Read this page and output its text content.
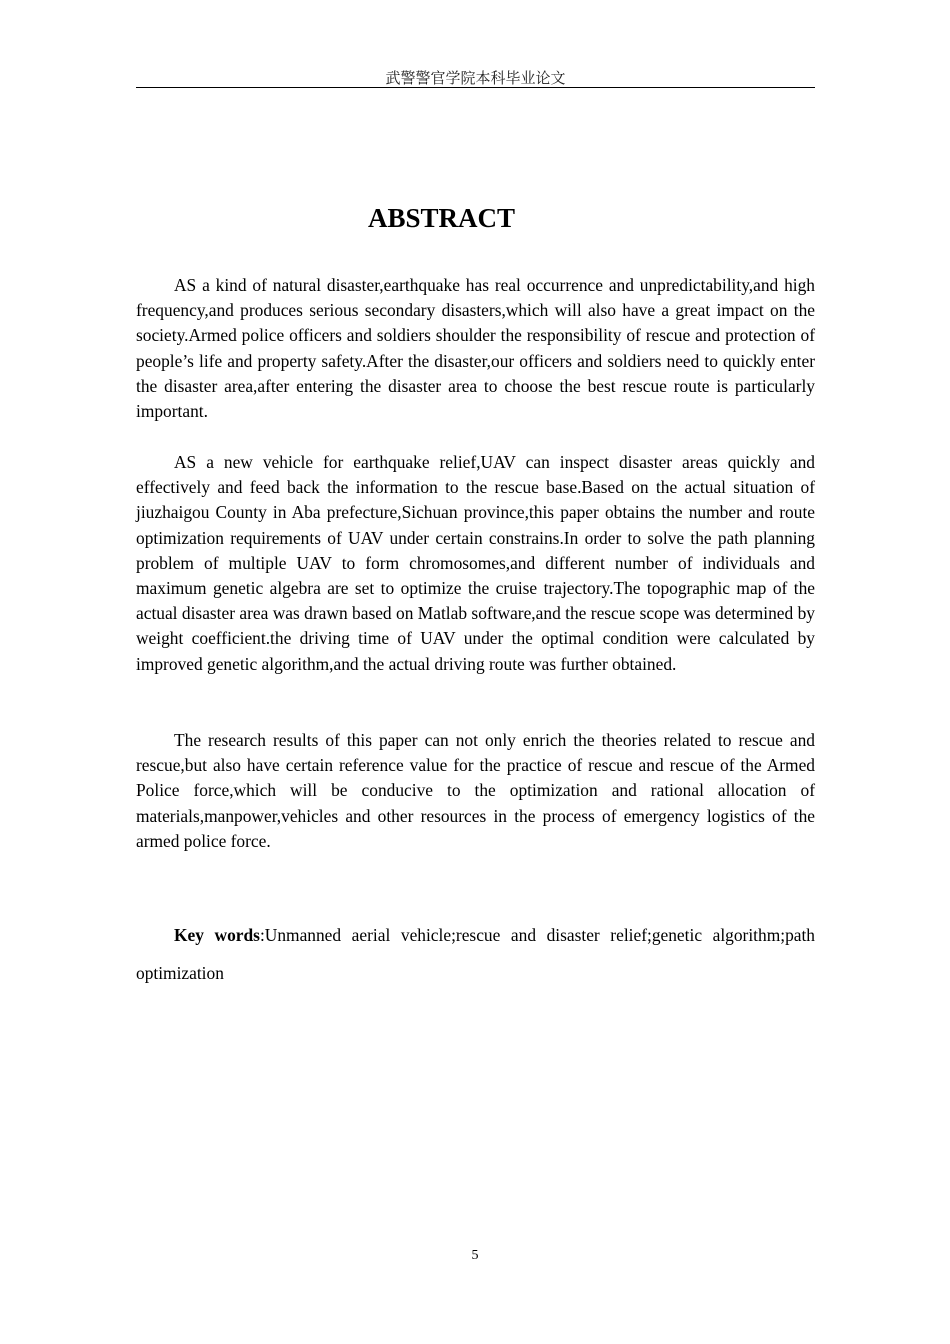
武警警官学院本科毕业论文
ABSTRACT

AS a kind of natural disaster,earthquake has real occurrence and unpredictability,and high frequency,and produces serious secondary disasters,which will also have a great impact on the society.Armed police officers and soldiers shoulder the responsibility of rescue and protection of people’s life and property safety.After the disaster,our officers and soldiers need to quickly enter the disaster area,after entering the disaster area to choose the best rescue route is particularly important.

AS a new vehicle for earthquake relief,UAV can inspect disaster areas quickly and effectively and feed back the information to the rescue base.Based on the actual situation of jiuzhaigou County in Aba prefecture,Sichuan province,this paper obtains the number and route optimization requirements of UAV under certain constrains.In order to solve the path planning problem of multiple UAV to form chromosomes,and different number of individuals and maximum genetic algebra are set to optimize the cruise trajectory.The topographic map of the actual disaster area was drawn based on Matlab software,and the rescue scope was determined by weight coefficient.the driving time of UAV under the optimal condition were calculated by improved genetic algorithm,and the actual driving route was further obtained.

The research results of this paper can not only enrich the theories related to rescue and rescue,but also have certain reference value for the practice of rescue and rescue of the Armed Police force,which will be conducive to the optimization and rational allocation of materials,manpower,vehicles and other resources in the process of emergency logistics of the armed police force.

Key words:Unmanned aerial vehicle;rescue and disaster relief;genetic algorithm;path optimization

5
